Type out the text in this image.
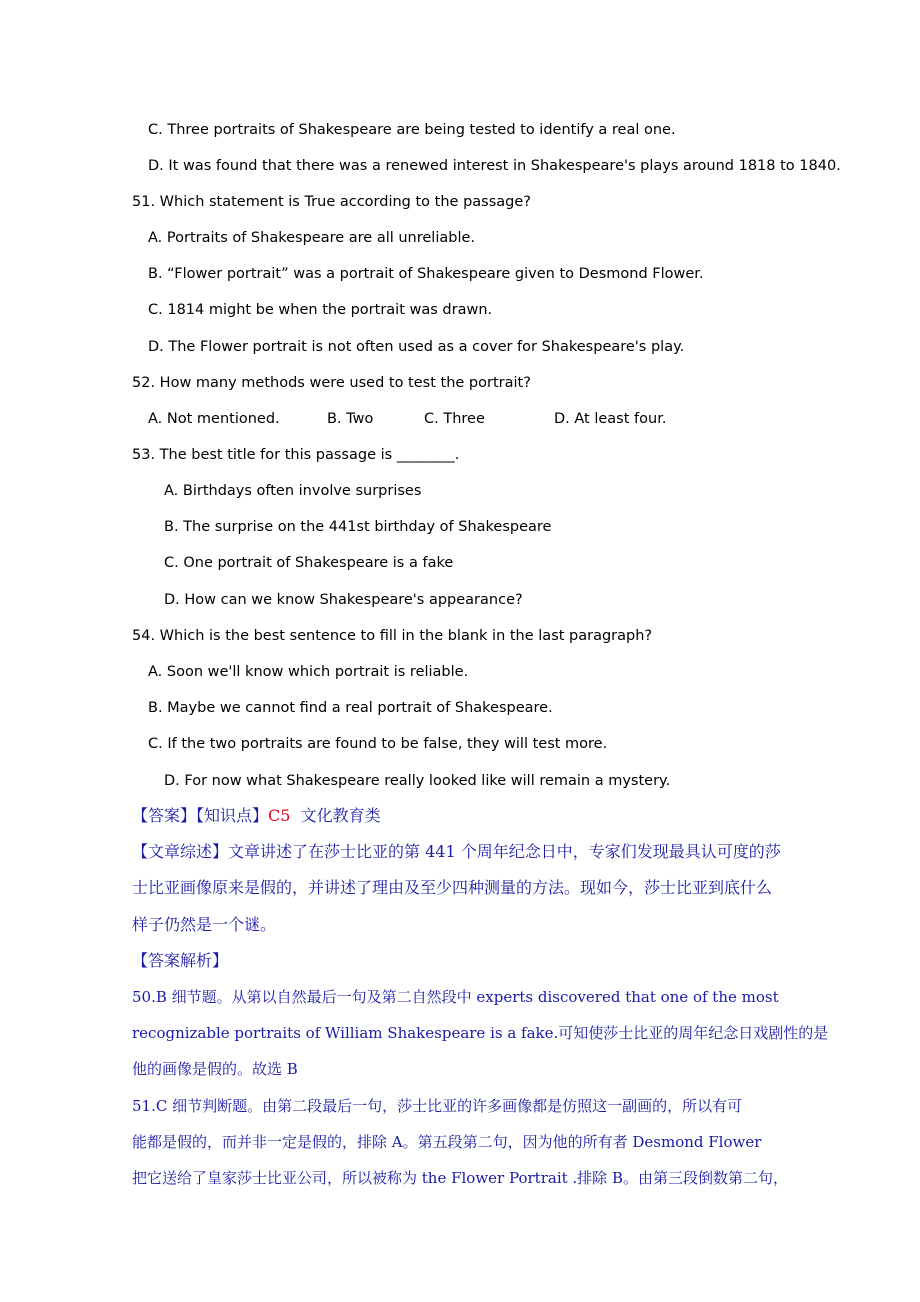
C. Three portraits of Shakespeare are being tested to identify a real one.
D. It was found that there was a renewed interest in Shakespeare's plays around 1818 to 1840.
51. Which statement is True according to the passage?
A. Portraits of Shakespeare are all unreliable.
B. “Flower portrait” was a portrait of Shakespeare given to Desmond Flower.
C. 1814 might be when the portrait was drawn.
D. The Flower portrait is not often used as a cover for Shakespeare's play.
52. How many methods were used to test the portrait?
A. Not mentioned.	B. Two	C. Three	D. At least four.
53. The best title for this passage is ________.
A. Birthdays often involve surprises
B. The surprise on the 441st birthday of Shakespeare
C. One portrait of Shakespeare is a fake
D. How can we know Shakespeare's appearance?
54. Which is the best sentence to fill in the blank in the last paragraph?
A. Soon we'll know which portrait is reliable.
B. Maybe we cannot find a real portrait of Shakespeare.
C. If the two portraits are found to be false, they will test more.
D. For now what Shakespeare really looked like will remain a mystery.
【答案】【知识点】C5 文化教育类
【文章综述】文章讲述了在莎士比亚的第 441 个周年纪念日中，专家们发现最具认可度的莎
士比亚画像原来是假的，并讲述了理由及至少四种测量的方法。现如今，莎士比亚到底什么
样子仍然是一个谜。
【答案解析】
50.B 细节题。从第以自然最后一句及第二自然段中 experts discovered that one of the most
recognizable portraits of William Shakespeare is a fake.可知使莎士比亚的周年纪念日戏剧性的是
他的画像是假的。故选 B
51.C 细节判断题。由第二段最后一句，莎士比亚的许多画像都是仿照这一副画的，所以有可
能都是假的，而并非一定是假的，排除 A。第五段第二句，因为他的所有者 Desmond Flower
把它送给了皇家莎士比亚公司，所以被称为 the Flower Portrait .排除 B。由第三段倒数第二句，
